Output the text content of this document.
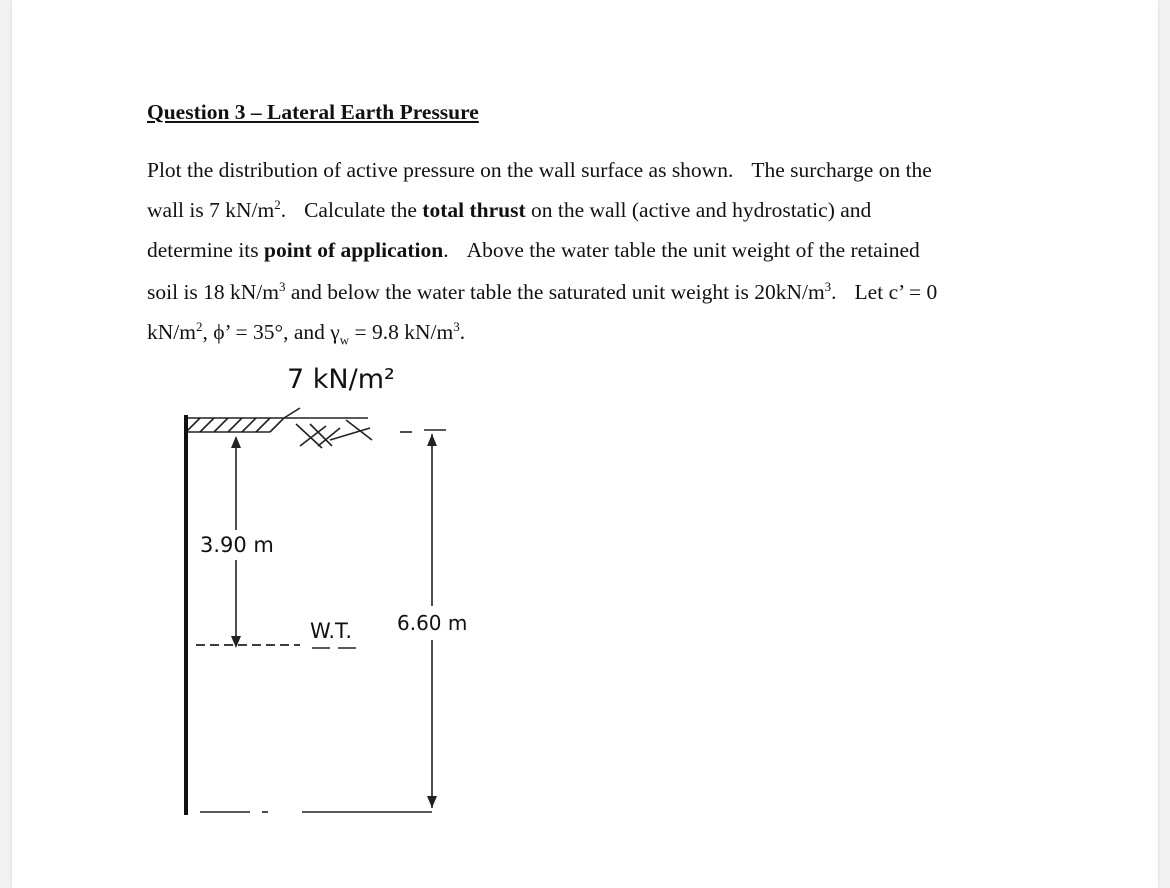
Question 3 – Lateral Earth Pressure
Plot the distribution of active pressure on the wall surface as shown. The surcharge on the
wall is 7 $kN/m^2$. Calculate the total thrust on the wall (active and hydrostatic) and
determine its point of application. Above the water table the unit weight of the retained
soil is 18 $kN/m^3$ and below the water table the saturated unit weight is $20kN/m^3$. Let c’ = 0
$kN/m^2$, ϕ’ = 35°, and $\gamma_w = 9.8$ $kN/m^3$.
7 kN/m²
3.90 m
W.T. 6.60 m
